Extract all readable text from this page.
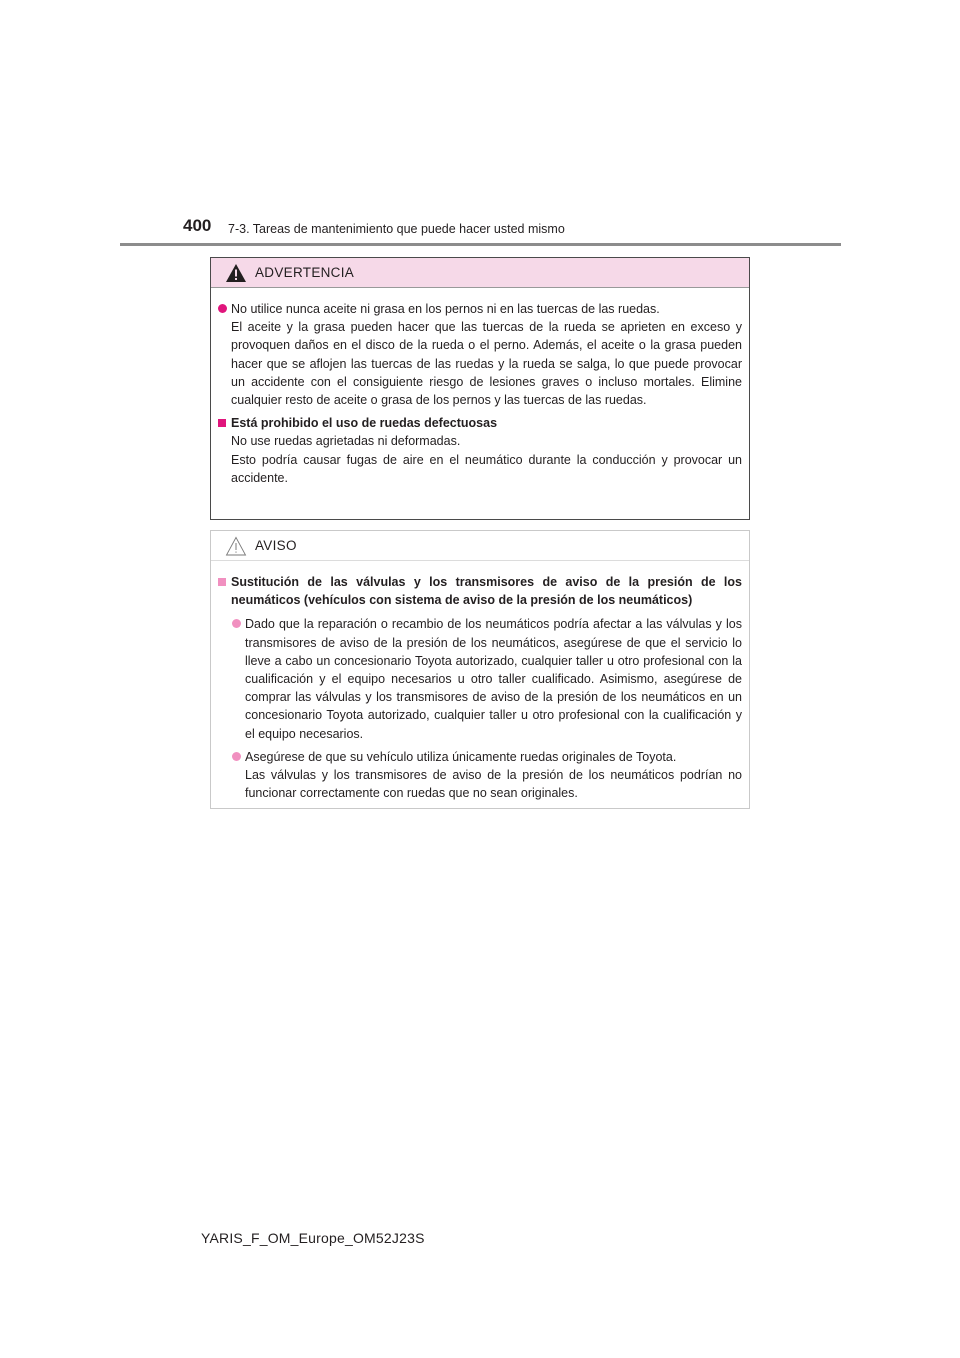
400 7-3. Tareas de mantenimiento que puede hacer usted mismo
ADVERTENCIA

No utilice nunca aceite ni grasa en los pernos ni en las tuercas de las ruedas.

El aceite y la grasa pueden hacer que las tuercas de la rueda se aprieten en exceso y provoquen daños en el disco de la rueda o el perno. Además, el aceite o la grasa pueden hacer que se aflojen las tuercas de las ruedas y la rueda se salga, lo que puede provocar un accidente con el consiguiente riesgo de lesiones graves o incluso mortales. Elimine cualquier resto de aceite o grasa de los pernos y las tuercas de las ruedas.

Está prohibido el uso de ruedas defectuosas

No use ruedas agrietadas ni deformadas.

Esto podría causar fugas de aire en el neumático durante la conducción y provocar un accidente.

AVISO

Sustitución de las válvulas y los transmisores de aviso de la presión de los neumáticos (vehículos con sistema de aviso de la presión de los neumáticos)

Dado que la reparación o recambio de los neumáticos podría afectar a las válvulas y los transmisores de aviso de la presión de los neumáticos, asegúrese de que el servicio lo lleve a cabo un concesionario Toyota autorizado, cualquier taller u otro profesional con la cualificación y el equipo necesarios u otro taller cualificado. Asimismo, asegúrese de comprar las válvulas y los transmisores de aviso de la presión de los neumáticos en un concesionario Toyota autorizado, cualquier taller u otro profesional con la cualificación y el equipo necesarios.

Asegúrese de que su vehículo utiliza únicamente ruedas originales de Toyota.

Las válvulas y los transmisores de aviso de la presión de los neumáticos podrían no funcionar correctamente con ruedas que no sean originales.

YARIS_F_OM_Europe_OM52J23S
